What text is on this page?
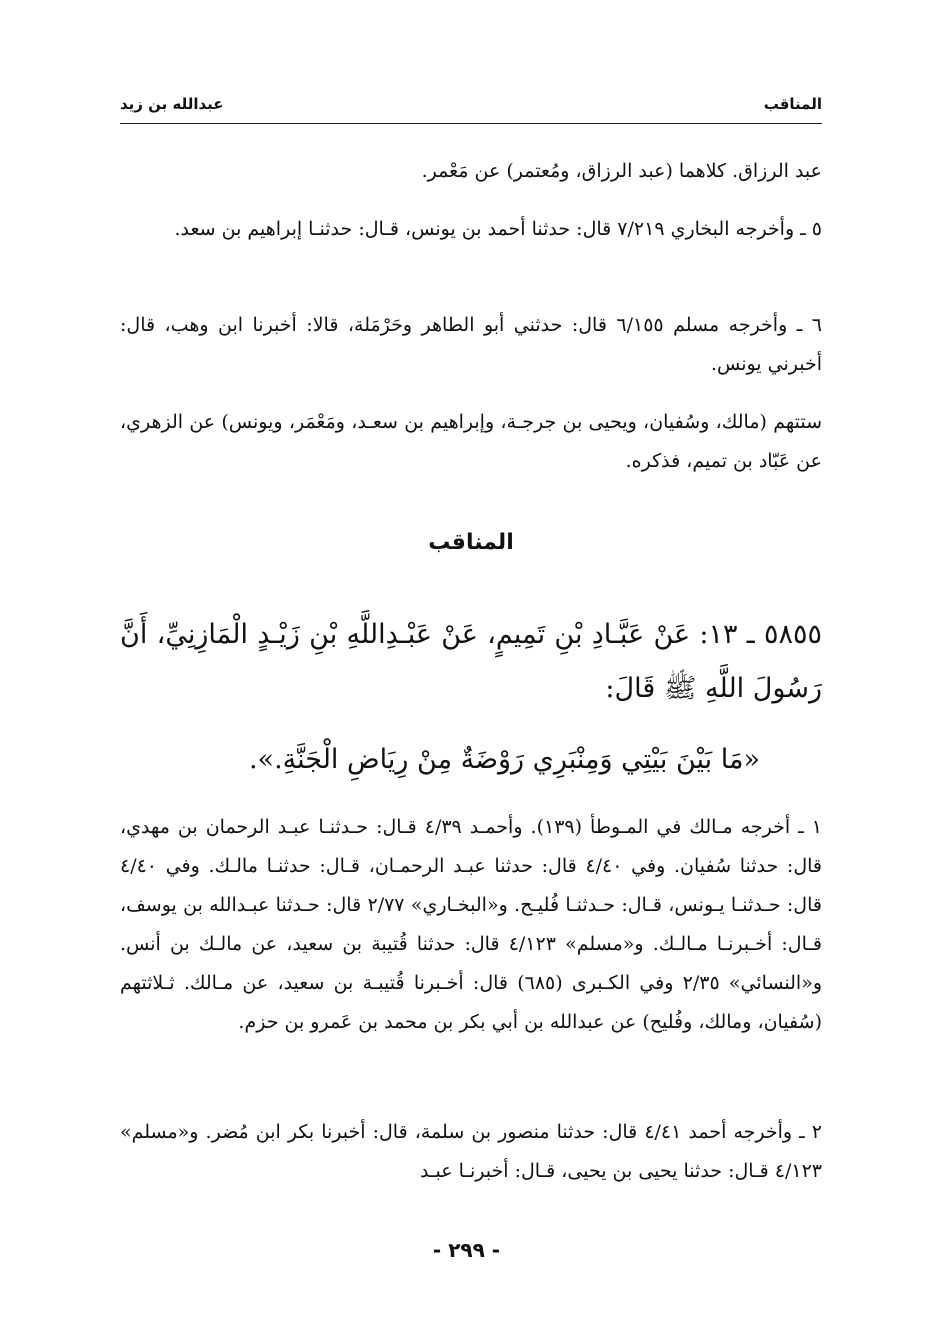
المناقب
عبدالله بن زيد

عبد الرزاق. كلاهما (عبد الرزاق، ومُعتمر) عن مَعْمر.

٥ ـ وأخرجه البخاري ٧/٢١٩ قال: حدثنا أحمد بن يونس، قـال: حدثنـا إبراهيم بن سعد.

٦ ـ وأخرجه مسلم ٦/١٥٥ قال: حدثني أبو الطاهر وحَرْمَلة، قالا: أخبرنا ابن وهب، قال: أخبرني يونس.

ستتهم (مالك، وسُفيان، ويحيى بن جرجـة، وإبراهيم بن سعـد، ومَعْمَر، ويونس) عن الزهري، عن عَبّاد بن تميم، فذكره.

المناقب

٥٨٥٥ ـ ١٣: عَنْ عَبَّـادِ بْنِ تَمِيمٍ، عَنْ عَبْـدِاللَّهِ بْنِ زَيْـدٍ الْمَازِنِيِّ، أَنَّ رَسُولَ اللَّهِ ﷺ قَالَ:

«مَا بَيْنَ بَيْتِي وَمِنْبَرِي رَوْضَةٌ مِنْ رِيَاضِ الْجَنَّةِ.».

١ ـ أخرجه مـالك في المـوطأ (١٣٩). وأحمـد ٤/٣٩ قـال: حـدثنـا عبـد الرحمان بن مهدي، قال: حدثنا سُفيان. وفي ٤/٤٠ قال: حدثنا عبـد الرحمـان، قـال: حدثنـا مالـك. وفي ٤/٤٠ قال: حـدثنـا يـونس، قـال: حـدثنـا فُليـح. و«البخـاري» ٢/٧٧ قال: حـدثنا عبـدالله بن يوسف، قـال: أخـبرنـا مـالـك. و«مسلم» ٤/١٢٣ قال: حدثنا قُتيبة بن سعيد، عن مالـك بن أنس. و«النسائي» ٢/٣٥ وفي الكـبرى (٦٨٥) قال: أخـبرنا قُتيبـة بن سعيد، عن مـالك. ثـلاثتهم (سُفيان، ومالك، وفُليح) عن عبدالله بن أبي بكر بن محمد بن عَمرو بن حزم.

٢ ـ وأخرجه أحمد ٤/٤١ قال: حدثنا منصور بن سلمة، قال: أخبرنا بكر ابن مُضر. و«مسلم» ٤/١٢٣ قـال: حدثنا يحيى بن يحيى، قـال: أخبرنـا عبـد

- ٢٩٩ -
